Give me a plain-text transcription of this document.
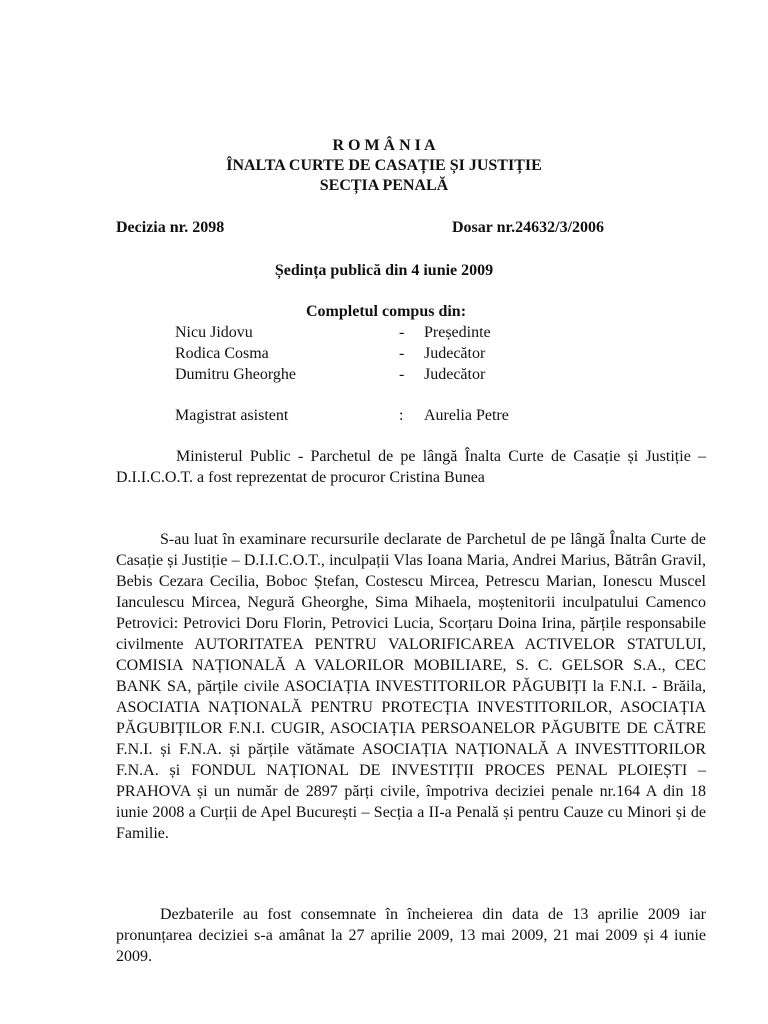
R O M Â N I A
ÎNALTA CURTE DE CASAȚIE ȘI JUSTIȚIE
SECȚIA PENALĂ
Decizia nr. 2098	Dosar nr.24632/3/2006
Ședința publică din 4 iunie 2009
Completul compus din:
Nicu Jidovu	- Președinte
Rodica Cosma	- Judecător
Dumitru Gheorghe	- Judecător
Magistrat asistent	: Aurelia Petre
Ministerul Public - Parchetul de pe lângă Înalta Curte de Casație și Justiție – D.I.I.C.O.T. a fost reprezentat de procuror Cristina Bunea
S-au luat în examinare recursurile declarate de Parchetul de pe lângă Înalta Curte de Casație și Justiție – D.I.I.C.O.T., inculpații Vlas Ioana Maria, Andrei Marius, Bătrân Gravil, Bebis Cezara Cecilia, Boboc Ștefan, Costescu Mircea, Petrescu Marian, Ionescu Muscel Ianculescu Mircea, Negură Gheorghe, Sima Mihaela, moștenitorii inculpatului Camenco Petrovici: Petrovici Doru Florin, Petrovici Lucia, Scorțaru Doina Irina, părțile responsabile civilmente AUTORITATEA PENTRU VALORIFICAREA ACTIVELOR STATULUI, COMISIA NAȚIONALĂ A VALORILOR MOBILIARE, S. C. GELSOR S.A., CEC BANK SA, părțile civile ASOCIAȚIA INVESTITORILOR PĂGUBIȚI la F.N.I. - Brăila, ASOCIATIA NAȚIONALĂ PENTRU PROTECȚIA INVESTITORILOR, ASOCIAȚIA PĂGUBIȚILOR F.N.I. CUGIR, ASOCIAȚIA PERSOANELOR PĂGUBITE DE CĂTRE F.N.I. și F.N.A. și părțile vătămate ASOCIAȚIA NAȚIONALĂ A INVESTITORILOR F.N.A. și FONDUL NAȚIONAL DE INVESTIȚII PROCES PENAL PLOIEȘTI – PRAHOVA și un număr de 2897 părți civile, împotriva deciziei penale nr.164 A din 18 iunie 2008 a Curții de Apel București – Secția a II-a Penală și pentru Cauze cu Minori și de Familie.
Dezbaterile au fost consemnate în încheierea din data de 13 aprilie 2009 iar pronunțarea deciziei s-a amânat la 27 aprilie 2009, 13 mai 2009, 21 mai 2009 și 4 iunie 2009.
